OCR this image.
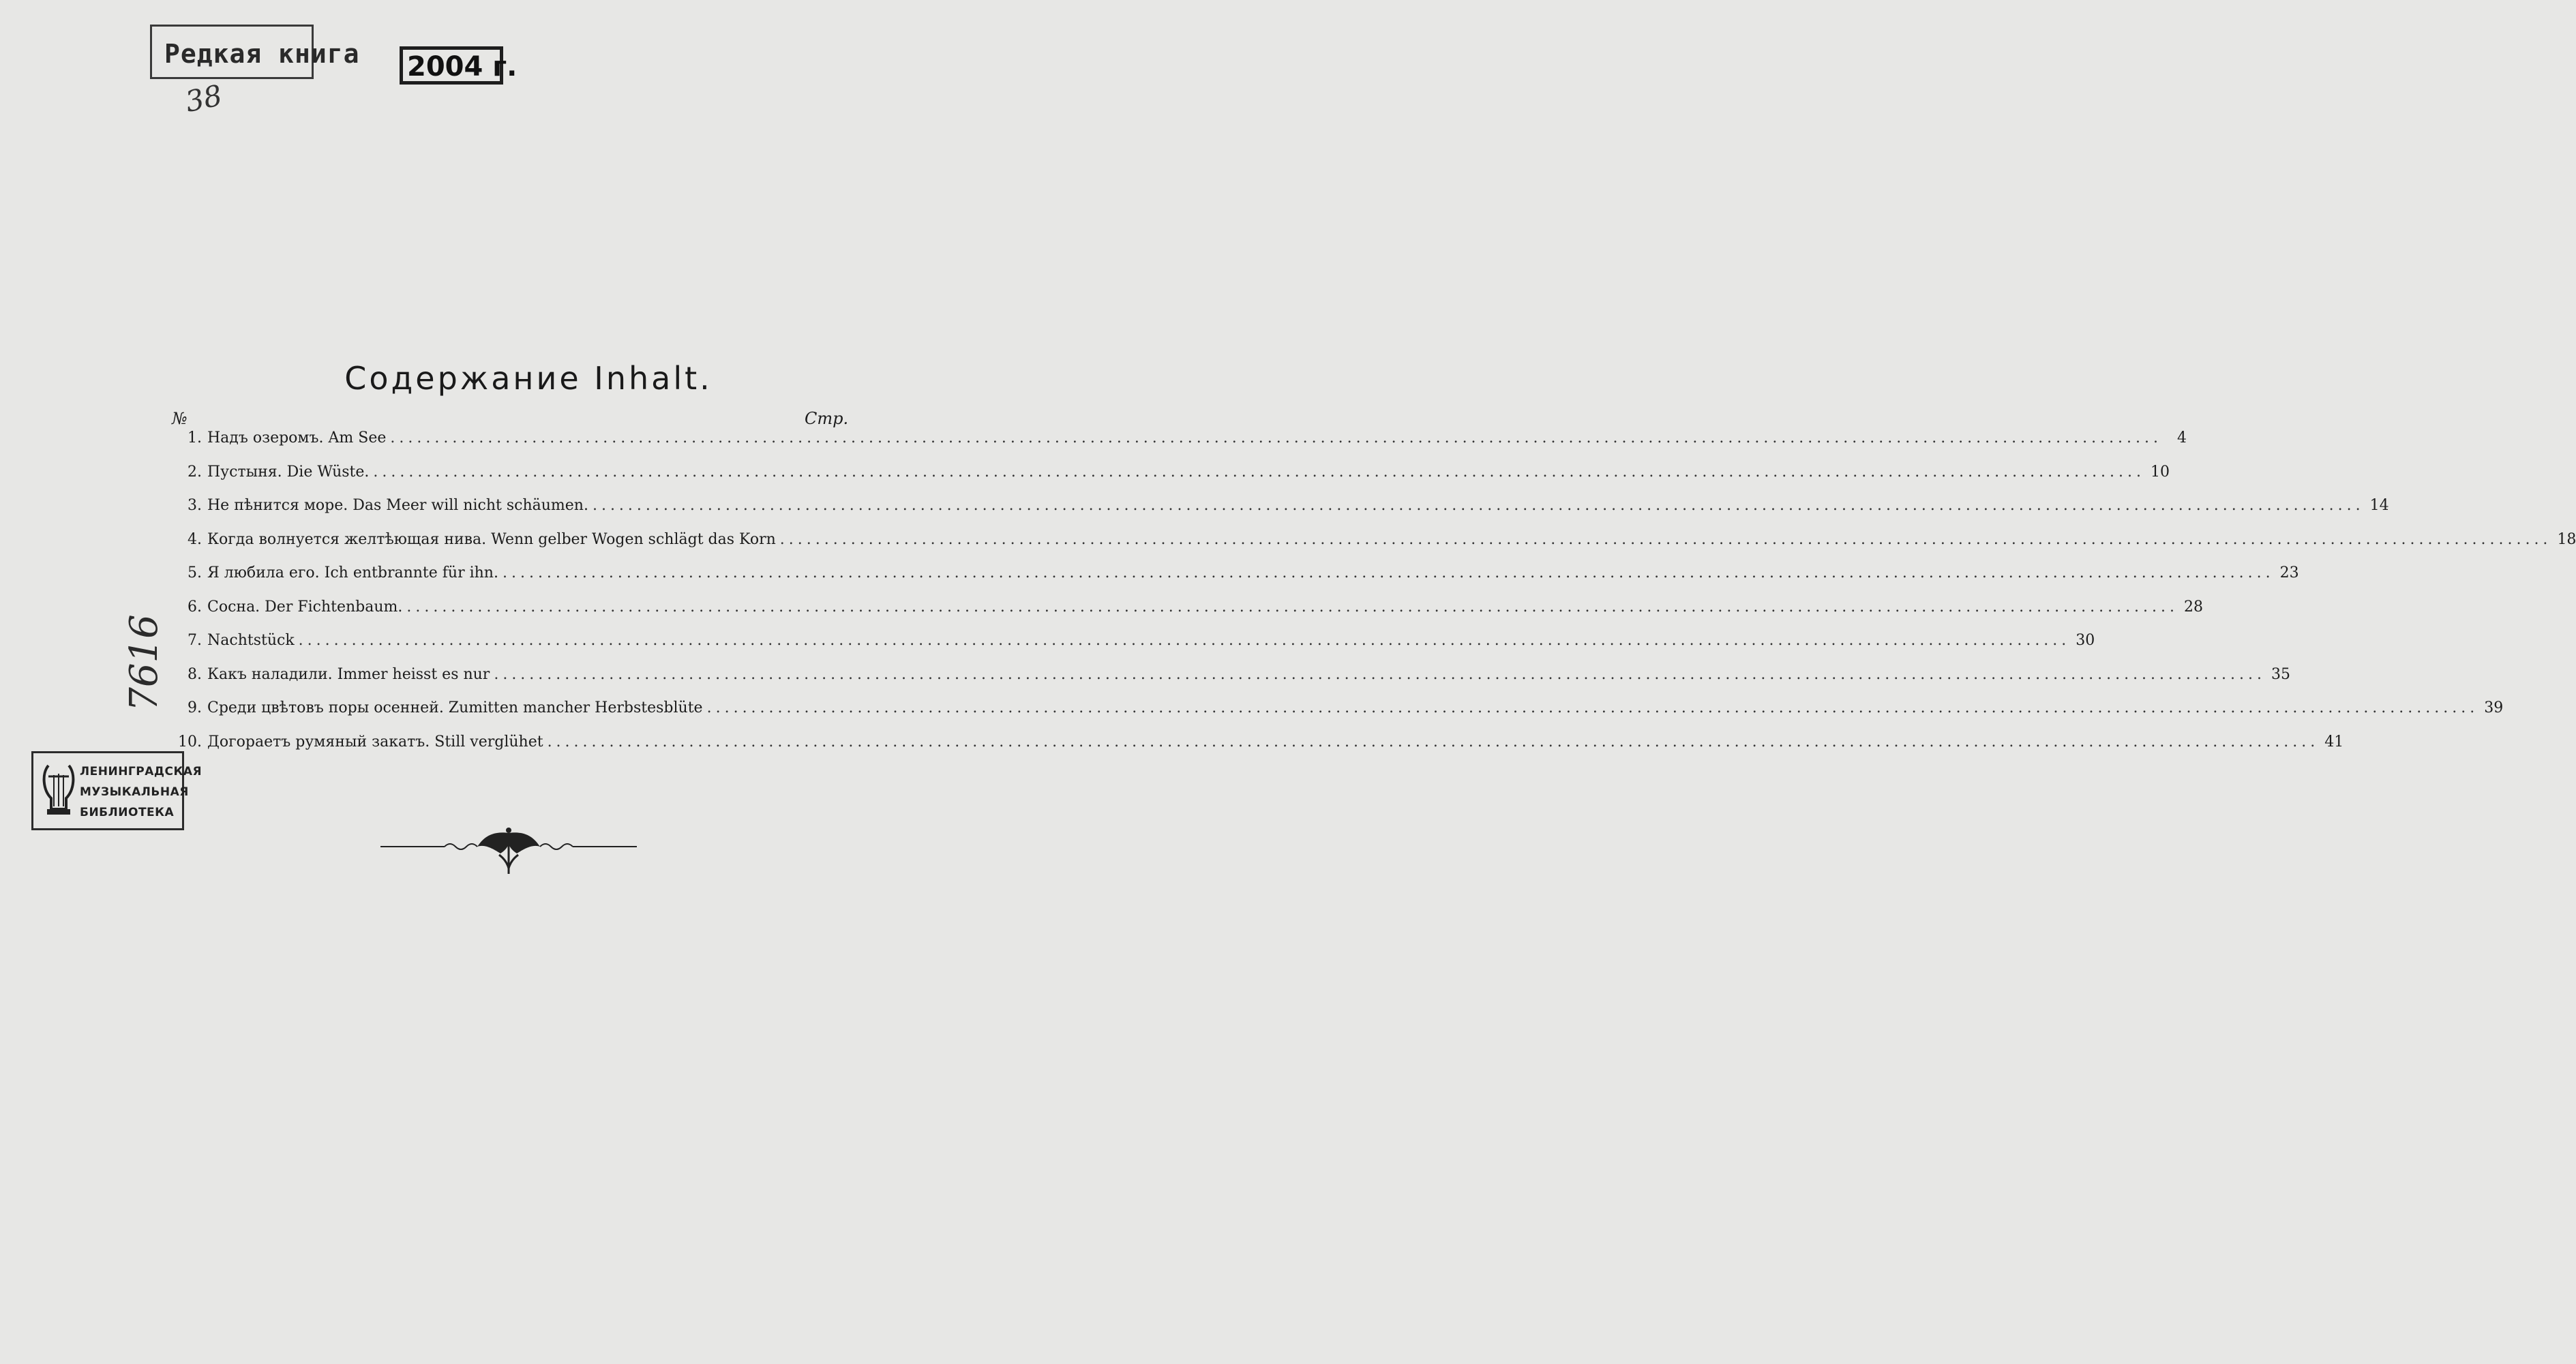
Редкая книга 2004 г.
38
7616
ЛЕНИНГРАДСКАЯ
МУЗЫКАЛЬНАЯ
БИБЛИОТЕКА
Содержание Inhalt.
№	Стр.
1. Надъ озеромъ. Am See ........................................................................................................................................................................................................	4
2. Пустыня. Die Wüste. ........................................................................................................................................................................................................ 10
3. Не пѣнится море. Das Meer will nicht schäumen. ........................................................................................................................................................................................................ 14
4. Когда волнуется желтѣющая нива. Wenn gelber Wogen schlägt das Korn ........................................................................................................................................................................................................ 18
5. Я любила его. Ich entbrannte für ihn. ........................................................................................................................................................................................................ 23
6. Сосна. Der Fichtenbaum. ........................................................................................................................................................................................................ 28
7. Nachtstück ........................................................................................................................................................................................................ 30
8. Какъ наладили. Immer heisst es nur ........................................................................................................................................................................................................ 35
9. Среди цвѣтовъ поры осенней. Zumitten mancher Herbstesblüte ........................................................................................................................................................................................................ 39
10. Догораетъ румяный закатъ. Still verglühet ........................................................................................................................................................................................................ 41
